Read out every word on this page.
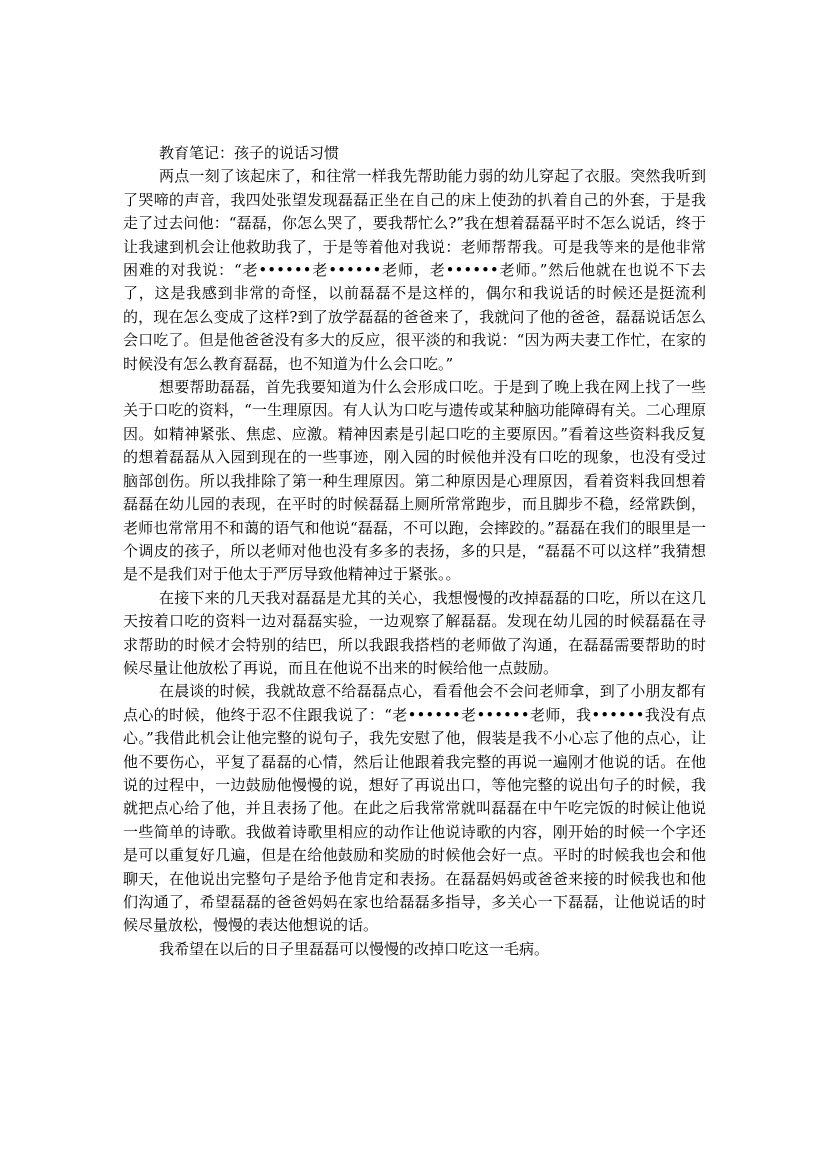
教育笔记：孩子的说话习惯

两点一刻了该起床了，和往常一样我先帮助能力弱的幼儿穿起了衣服。突然我听到了哭啼的声音，我四处张望发现磊磊正坐在自己的床上使劲的扒着自己的外套，于是我走了过去问他：“磊磊，你怎么哭了，要我帮忙么?”我在想着磊磊平时不怎么说话，终于让我逮到机会让他救助我了，于是等着他对我说：老师帮帮我。可是我等来的是他非常困难的对我说：“老••••••老••••••老师，老••••••老师。”然后他就在也说不下去了，这是我感到非常的奇怪，以前磊磊不是这样的，偶尔和我说话的时候还是挺流利的，现在怎么变成了这样?到了放学磊磊的爸爸来了，我就问了他的爸爸，磊磊说话怎么会口吃了。但是他爸爸没有多大的反应，很平淡的和我说：“因为两夫妻工作忙，在家的时候没有怎么教育磊磊，也不知道为什么会口吃。”

想要帮助磊磊，首先我要知道为什么会形成口吃。于是到了晚上我在网上找了一些关于口吃的资料，“一生理原因。有人认为口吃与遗传或某种脑功能障碍有关。二心理原因。如精神紧张、焦虑、应激。精神因素是引起口吃的主要原因。”看着这些资料我反复的想着磊磊从入园到现在的一些事迹，刚入园的时候他并没有口吃的现象，也没有受过脑部创伤。所以我排除了第一种生理原因。第二种原因是心理原因，看着资料我回想着磊磊在幼儿园的表现，在平时的时候磊磊上厕所常常跑步，而且脚步不稳，经常跌倒，老师也常常用不和蔼的语气和他说“磊磊，不可以跑，会摔跤的。”磊磊在我们的眼里是一个调皮的孩子，所以老师对他也没有多多的表扬，多的只是，“磊磊不可以这样”我猜想是不是我们对于他太于严厉导致他精神过于紧张。。

在接下来的几天我对磊磊是尤其的关心，我想慢慢的改掉磊磊的口吃，所以在这几天按着口吃的资料一边对磊磊实验，一边观察了解磊磊。发现在幼儿园的时候磊磊在寻求帮助的时候才会特别的结巴，所以我跟我搭档的老师做了沟通，在磊磊需要帮助的时候尽量让他放松了再说，而且在他说不出来的时候给他一点鼓励。

在晨谈的时候，我就故意不给磊磊点心，看看他会不会问老师拿，到了小朋友都有点心的时候，他终于忍不住跟我说了：“老••••••老••••••老师，我••••••我没有点心。”我借此机会让他完整的说句子，我先安慰了他，假装是我不小心忘了他的点心，让他不要伤心，平复了磊磊的心情，然后让他跟着我完整的再说一遍刚才他说的话。在他说的过程中，一边鼓励他慢慢的说，想好了再说出口，等他完整的说出句子的时候，我就把点心给了他，并且表扬了他。在此之后我常常就叫磊磊在中午吃完饭的时候让他说一些简单的诗歌。我做着诗歌里相应的动作让他说诗歌的内容，刚开始的时候一个字还是可以重复好几遍，但是在给他鼓励和奖励的时候他会好一点。平时的时候我也会和他聊天，在他说出完整句子是给予他肯定和表扬。在磊磊妈妈或爸爸来接的时候我也和他们沟通了，希望磊磊的爸爸妈妈在家也给磊磊多指导，多关心一下磊磊，让他说话的时候尽量放松，慢慢的表达他想说的话。

我希望在以后的日子里磊磊可以慢慢的改掉口吃这一毛病。
